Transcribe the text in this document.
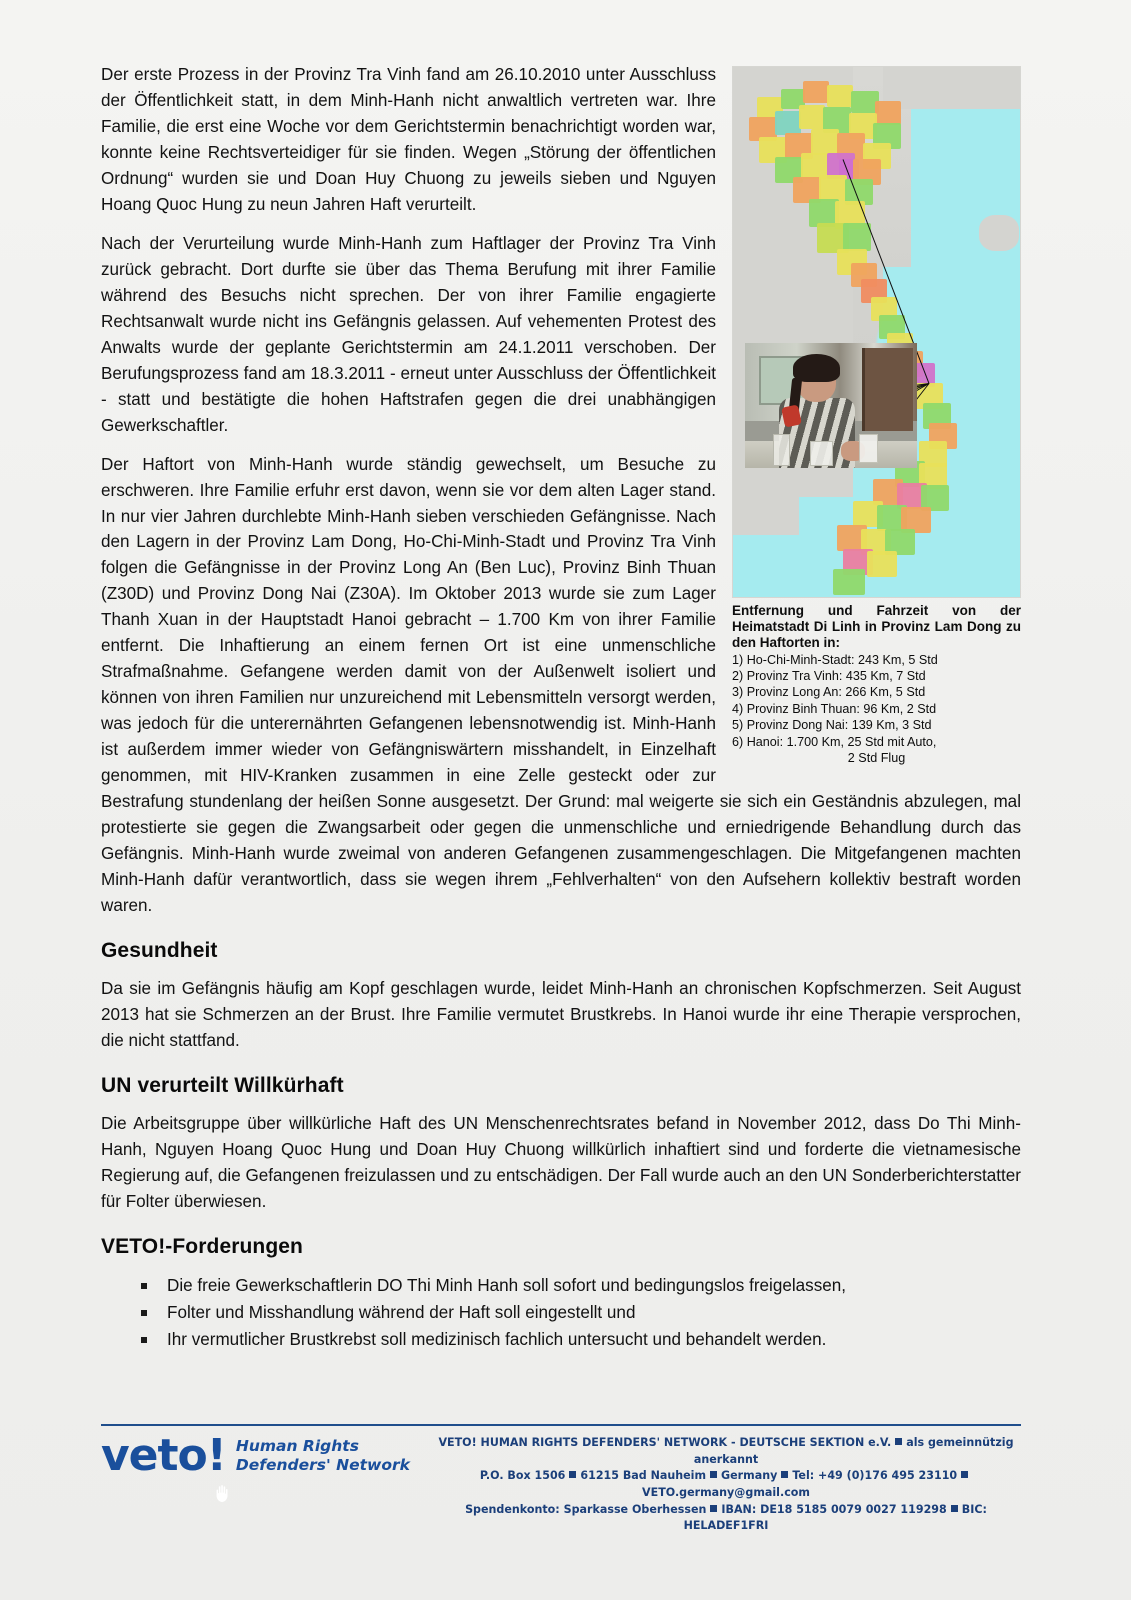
Entfernung und Fahrzeit von der Heimatstadt Di Linh in Provinz Lam Dong zu den Haftorten in:
1) Ho-Chi-Minh-Stadt: 243 Km, 5 Std
2) Provinz Tra Vinh: 435 Km, 7 Std
3) Provinz Long An: 266 Km, 5 Std
4) Provinz Binh Thuan: 96 Km, 2 Std
5) Provinz Dong Nai: 139 Km, 3 Std
6) Hanoi: 1.700 Km, 25 Std mit Auto,
2 Std Flug

Der erste Prozess in der Provinz Tra Vinh fand am 26.10.2010 unter Ausschluss der Öffentlichkeit statt, in dem Minh-Hanh nicht anwaltlich vertreten war. Ihre Familie, die erst eine Woche vor dem Gerichtstermin benachrichtigt worden war, konnte keine Rechtsverteidiger für sie finden. Wegen „Störung der öffentlichen Ordnung“ wurden sie und Doan Huy Chuong zu jeweils sieben und Nguyen Hoang Quoc Hung zu neun Jahren Haft verurteilt.

Nach der Verurteilung wurde Minh-Hanh zum Haftlager der Provinz Tra Vinh zurück gebracht. Dort durfte sie über das Thema Berufung mit ihrer Familie während des Besuchs nicht sprechen. Der von ihrer Familie engagierte Rechtsanwalt wurde nicht ins Gefängnis gelassen. Auf vehementen Protest des Anwalts wurde der geplante Gerichtstermin am 24.1.2011 verschoben. Der Berufungsprozess fand am 18.3.2011 - erneut unter Ausschluss der Öffentlichkeit - statt und bestätigte die hohen Haftstrafen gegen die drei unabhängigen Gewerkschaftler.

Der Haftort von Minh-Hanh wurde ständig gewechselt, um Besuche zu erschweren. Ihre Familie erfuhr erst davon, wenn sie vor dem alten Lager stand. In nur vier Jahren durchlebte Minh-Hanh sieben verschieden Gefängnisse. Nach den Lagern in der Provinz Lam Dong, Ho-Chi-Minh-Stadt und Provinz Tra Vinh folgen die Gefängnisse in der Provinz Long An (Ben Luc), Provinz Binh Thuan (Z30D) und Provinz Dong Nai (Z30A). Im Oktober 2013 wurde sie zum Lager Thanh Xuan in der Hauptstadt Hanoi gebracht – 1.700 Km von ihrer Familie entfernt. Die Inhaftierung an einem fernen Ort ist eine unmenschliche Strafmaßnahme. Gefangene werden damit von der Außenwelt isoliert und können von ihren Familien nur unzureichend mit Lebensmitteln versorgt werden, was jedoch für die unterernährten Gefangenen lebensnotwendig ist. Minh-Hanh ist außerdem immer wieder von Gefängniswärtern misshandelt, in Einzelhaft genommen, mit HIV-Kranken zusammen in eine Zelle gesteckt oder zur Bestrafung stundenlang der heißen Sonne ausgesetzt. Der Grund: mal weigerte sie sich ein Geständnis abzulegen, mal protestierte sie gegen die Zwangsarbeit oder gegen die unmenschliche und erniedrigende Behandlung durch das Gefängnis. Minh-Hanh wurde zweimal von anderen Gefangenen zusammengeschlagen. Die Mitgefangenen machten Minh-Hanh dafür verantwortlich, dass sie wegen ihrem „Fehlverhalten“ von den Aufsehern kollektiv bestraft worden waren.

Gesundheit

Da sie im Gefängnis häufig am Kopf geschlagen wurde, leidet Minh-Hanh an chronischen Kopfschmerzen. Seit August 2013 hat sie Schmerzen an der Brust. Ihre Familie vermutet Brustkrebs. In Hanoi wurde ihr eine Therapie versprochen, die nicht stattfand.

UN verurteilt Willkürhaft

Die Arbeitsgruppe über willkürliche Haft des UN Menschenrechtsrates befand in November 2012, dass Do Thi Minh-Hanh, Nguyen Hoang Quoc Hung und Doan Huy Chuong willkürlich inhaftiert sind und forderte die vietnamesische Regierung auf, die Gefangenen freizulassen und zu entschädigen. Der Fall wurde auch an den UN Sonderberichterstatter für Folter überwiesen.

VETO!-Forderungen
Die freie Gewerkschaftlerin DO Thi Minh Hanh soll sofort und bedingungslos freigelassen,
Folter und Misshandlung während der Haft soll eingestellt und
Ihr vermutlicher Brustkrebst soll medizinisch fachlich untersucht und behandelt werden.
veto
! Human Rights
Defenders' Network
VETO! HUMAN RIGHTS DEFENDERS' NETWORK - DEUTSCHE SEKTION e.V. als gemeinnützig anerkannt
P.O. Box 1506 61215 Bad Nauheim Germany Tel: +49 (0)176 495 23110VETO.germany@gmail.com
Spendenkonto: Sparkasse Oberhessen IBAN: DE18 5185 0079 0027 119298 BIC: HELADEF1FRI
